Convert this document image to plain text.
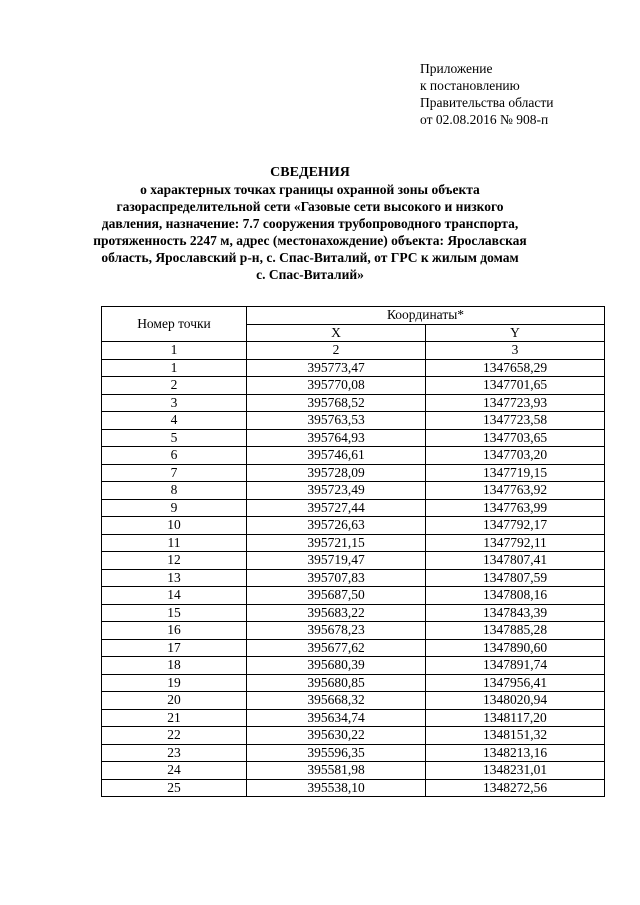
Приложение
к постановлению
Правительства области
от 02.08.2016 № 908-п
СВЕДЕНИЯ
о характерных точках границы охранной зоны объекта
газораспределительной сети «Газовые сети высокого и низкого
давления, назначение: 7.7 сооружения трубопроводного транспорта,
протяженность 2247 м, адрес (местонахождение) объекта: Ярославская
область, Ярославский р-н, с. Спас-Виталий, от ГРС к жилым домам
с. Спас-Виталий»
Номер точки	Координаты*	
	X	Y
1	2	3
1	395773,47	1347658,29
2	395770,08	1347701,65
3	395768,52	1347723,93
4	395763,53	1347723,58
5	395764,93	1347703,65
6	395746,61	1347703,20
7	395728,09	1347719,15
8	395723,49	1347763,92
9	395727,44	1347763,99
10	395726,63	1347792,17
11	395721,15	1347792,11
12	395719,47	1347807,41
13	395707,83	1347807,59
14	395687,50	1347808,16
15	395683,22	1347843,39
16	395678,23	1347885,28
17	395677,62	1347890,60
18	395680,39	1347891,74
19	395680,85	1347956,41
20	395668,32	1348020,94
21	395634,74	1348117,20
22	395630,22	1348151,32
23	395596,35	1348213,16
24	395581,98	1348231,01
25	395538,10	1348272,56
